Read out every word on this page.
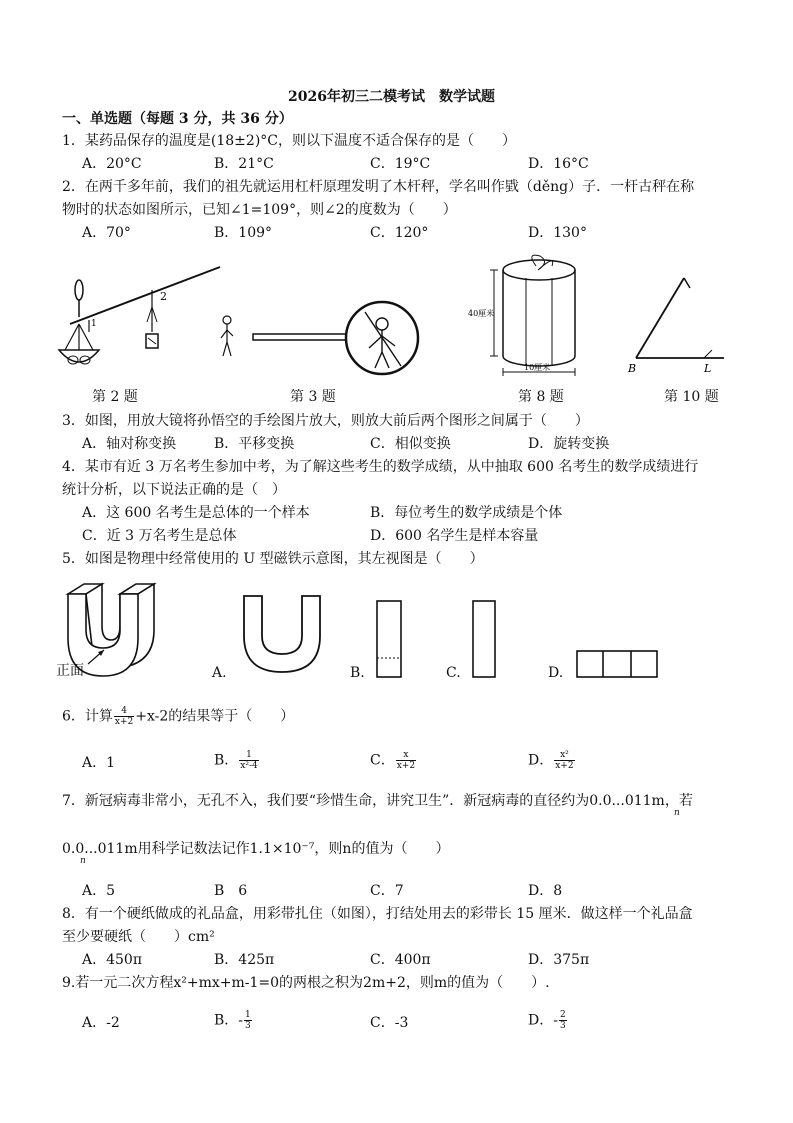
2026年初三二模考试　数学试题
一、单选题（每题 3 分，共 36 分）
1．某药品保存的温度是(18±2)°C，则以下温度不适合保存的是（　　）
A．20°C	B．21°C	C．19°C	D．16°C
2．在两千多年前，我们的祖先就运用杠杆原理发明了木杆秤，学名叫作戥（děng）子．一杆古秤在称
物时的状态如图所示，已知∠1=109°，则∠2的度数为（　　）
A．70°	B．109°	C．120°	D．130°
2
1
第 2 题	第 3 题
40厘米
10厘米
第 8 题
B	L
第 10 题
3．如图，用放大镜将孙悟空的手绘图片放大，则放大前后两个图形之间属于（　　）
A．轴对称变换	B．平移变换	C．相似变换	D．旋转变换
4．某市有近 3 万名考生参加中考，为了解这些考生的数学成绩，从中抽取 600 名考生的数学成绩进行
统计分析，以下说法正确的是（　）
A．这 600 名考生是总体的一个样本	B．每位考生的数学成绩是个体
C．近 3 万名考生是总体	D．600 名学生是样本容量
5．如图是物理中经常使用的 U 型磁铁示意图，其左视图是（　　）
正面	A.	B.	C.	D.
6．计算 $\frac{4}{x+2} +x-2$的结果等于（　　）
A．1	B． $\frac{1}{\text{x²-4}}$	C． $\frac{x}{x+2}$	D． $\frac{\text{x²}}{x+2}$
7．新冠病毒非常小，无孔不入，我们要“珍惜生命，讲究卫生”．新冠病毒的直径约为0.0...011m，若
n
0.0...011m用科学记数法记作1.1×10⁻⁷，则n的值为（　　）
n
A．5	B　6	C．7	D．8
8．有一个硬纸做成的礼品盒，用彩带扎住（如图），打结处用去的彩带长 15 厘米．做这样一个礼品盒
至少要硬纸（　　）cm²
A．450π	B．425π	C．400π	D．375π
9.若一元二次方程x²+mx+m-1=0的两根之积为2m+2，则m的值为（　　）.
A．-2	B．- $\frac{1}{3}$	C．-3	D．- $\frac{2}{3}$
